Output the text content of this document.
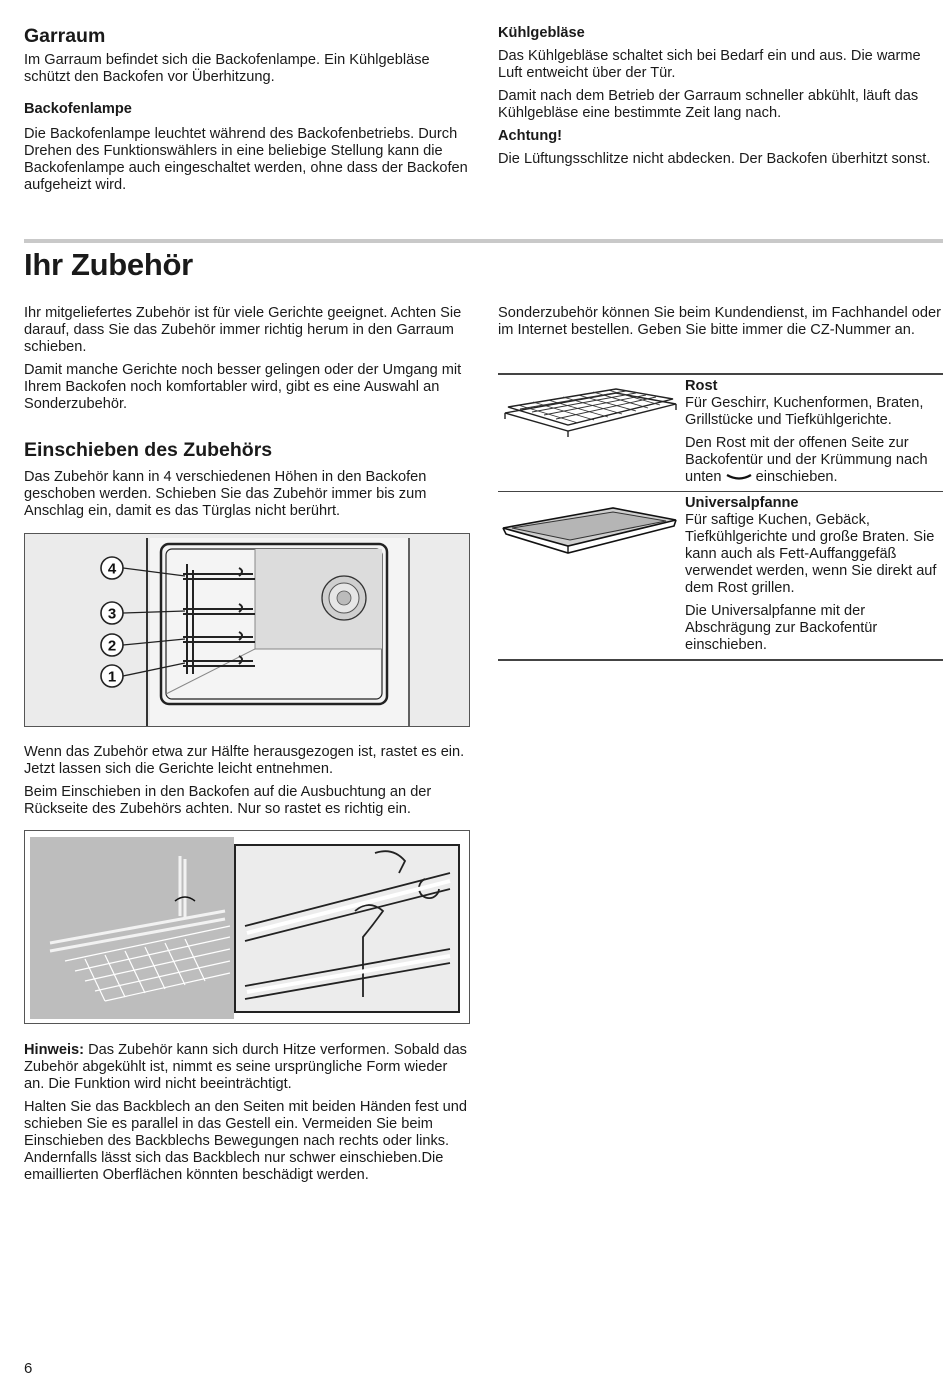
Garraum

Im Garraum befindet sich die Backofenlampe. Ein Kühlgebläse schützt den Backofen vor Überhitzung.

Backofenlampe

Die Backofenlampe leuchtet während des Backofenbetriebs. Durch Drehen des Funktionswählers in eine beliebige Stellung kann die Backofenlampe auch eingeschaltet werden, ohne dass der Backofen aufgeheizt wird.

Kühlgebläse

Das Kühlgebläse schaltet sich bei Bedarf ein und aus. Die warme Luft entweicht über der Tür.

Damit nach dem Betrieb der Garraum schneller abkühlt, läuft das Kühlgebläse eine bestimmte Zeit lang nach.

Achtung!

Die Lüftungsschlitze nicht abdecken. Der Backofen überhitzt sonst.

Ihr Zubehör

Ihr mitgeliefertes Zubehör ist für viele Gerichte geeignet. Achten Sie darauf, dass Sie das Zubehör immer richtig herum in den Garraum schieben.

Damit manche Gerichte noch besser gelingen oder der Umgang mit Ihrem Backofen noch komfortabler wird, gibt es eine Auswahl an Sonderzubehör.

Einschieben des Zubehörs

Das Zubehör kann in 4 verschiedenen Höhen in den Backofen geschoben werden. Schieben Sie das Zubehör immer bis zum Anschlag ein, damit es das Türglas nicht berührt.

4
3
2
1

Wenn das Zubehör etwa zur Hälfte herausgezogen ist, rastet es ein. Jetzt lassen sich die Gerichte leicht entnehmen.

Beim Einschieben in den Backofen auf die Ausbuchtung an der Rückseite des Zubehörs achten. Nur so rastet es richtig ein.

Hinweis: Das Zubehör kann sich durch Hitze verformen. Sobald das Zubehör abgekühlt ist, nimmt es seine ursprüngliche Form wieder an. Die Funktion wird nicht beeinträchtigt.

Halten Sie das Backblech an den Seiten mit beiden Händen fest und schieben Sie es parallel in das Gestell ein. Vermeiden Sie beim Einschieben des Backblechs Bewegungen nach rechts oder links. Andernfalls lässt sich das Backblech nur schwer einschieben.Die emaillierten Oberflächen könnten beschädigt werden.

Sonderzubehör können Sie beim Kundendienst, im Fachhandel oder im Internet bestellen. Geben Sie bitte immer die CZ-Nummer an.

Rost

Für Geschirr, Kuchenformen, Braten, Grillstücke und Tiefkühlgerichte.

Den Rost mit der offenen Seite zur Backofentür und der Krümmung nach unten einschieben.

Universalpfanne

Für saftige Kuchen, Gebäck, Tiefkühlgerichte und große Braten. Sie kann auch als Fett-Auffanggefäß verwendet werden, wenn Sie direkt auf dem Rost grillen.

Die Universalpfanne mit der Abschrägung zur Backofentür einschieben.

6
